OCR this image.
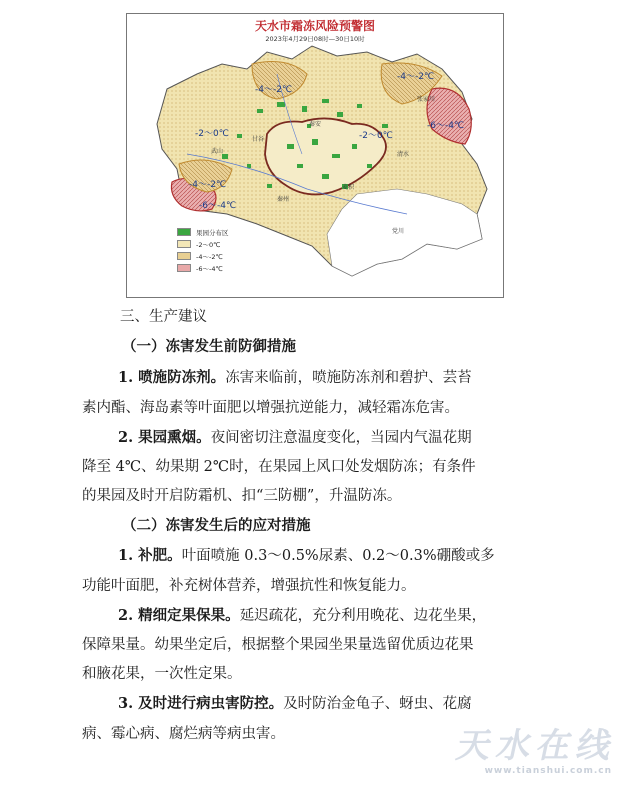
天水市霜冻风险预警图
2023年4月29日08时—30日10时
-4～-2℃
-4～-2℃
-2～0℃	-2～0℃
-6～-4℃
-4～-2℃
-6～-4℃
武山
甘谷
秦安
张家川
清水
麦积
秦州
党川
果园分布区
-2～0℃
-4～-2℃
-6～-4℃
三、生产建议
（一）冻害发生前防御措施
1. 喷施防冻剂。冻害来临前，喷施防冻剂和碧护、芸苔
素内酯、海岛素等叶面肥以增强抗逆能力，减轻霜冻危害。
2. 果园熏烟。夜间密切注意温度变化，当园内气温花期
降至 4℃、幼果期 2℃时，在果园上风口处发烟防冻；有条件
的果园及时开启防霜机、扣“三防棚”，升温防冻。
（二）冻害发生后的应对措施
1. 补肥。叶面喷施 0.3～0.5%尿素、0.2～0.3%硼酸或多
功能叶面肥，补充树体营养，增强抗性和恢复能力。
2. 精细定果保果。延迟疏花，充分利用晚花、边花坐果，
保障果量。幼果坐定后，根据整个果园坐果量选留优质边花果
和腋花果，一次性定果。
3. 及时进行病虫害防控。及时防治金龟子、蚜虫、花腐
病、霉心病、腐烂病等病虫害。	天水在线
www.tianshui.com.cn
